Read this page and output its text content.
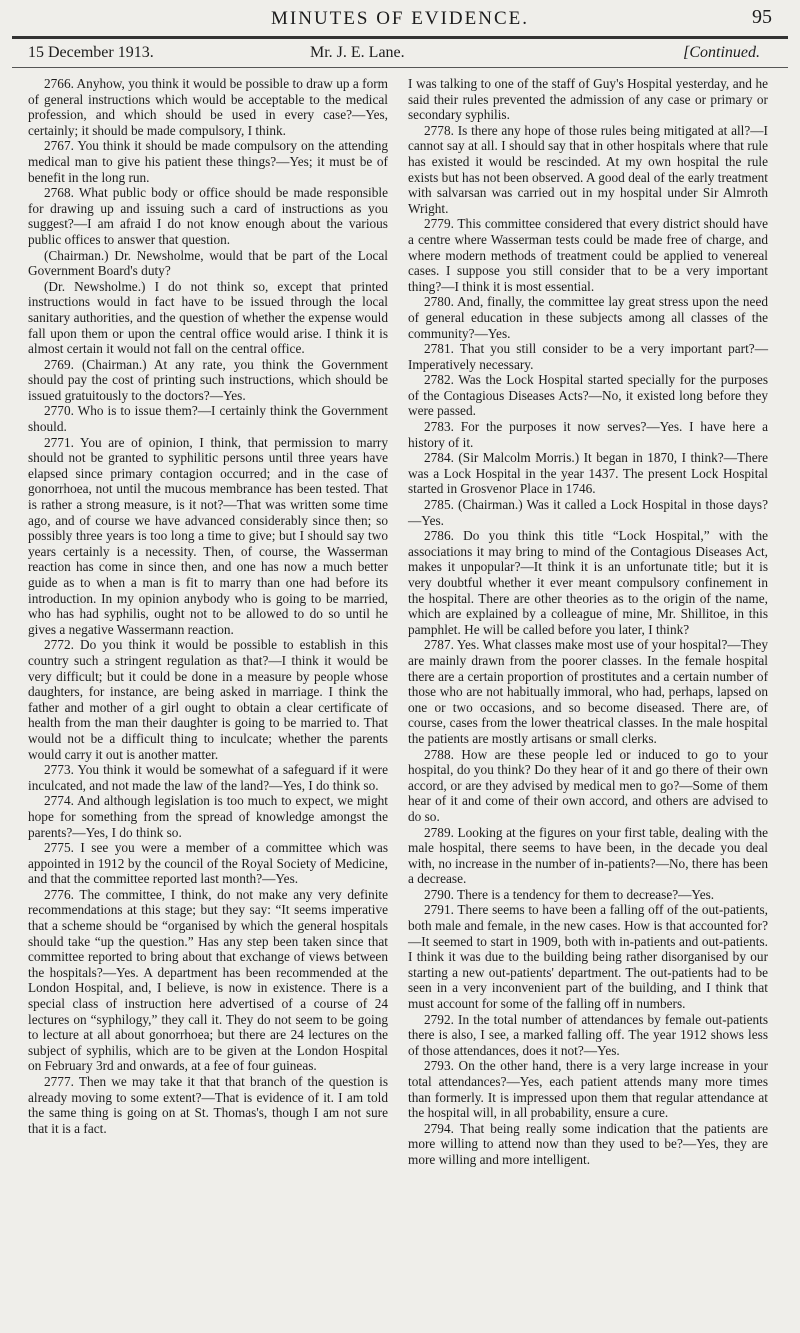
MINUTES OF EVIDENCE.	95
15 December 1913.	Mr. J. E. Lane.	[Continued.

2766. Anyhow, you think it would be possible to draw up a form of general instructions which would be acceptable to the medical profession, and which should be used in every case?—Yes, certainly; it should be made compulsory, I think.

2767. You think it should be made compulsory on the attending medical man to give his patient these things?—Yes; it must be of benefit in the long run.

2768. What public body or office should be made responsible for drawing up and issuing such a card of instructions as you suggest?—I am afraid I do not know enough about the various public offices to answer that question.

(Chairman.) Dr. Newsholme, would that be part of the Local Government Board's duty?

(Dr. Newsholme.) I do not think so, except that printed instructions would in fact have to be issued through the local sanitary authorities, and the question of whether the expense would fall upon them or upon the central office would arise. I think it is almost certain it would not fall on the central office.

2769. (Chairman.) At any rate, you think the Government should pay the cost of printing such instructions, which should be issued gratuitously to the doctors?—Yes.

2770. Who is to issue them?—I certainly think the Government should.

2771. You are of opinion, I think, that permission to marry should not be granted to syphilitic persons until three years have elapsed since primary contagion occurred; and in the case of gonorrhoea, not until the mucous membrance has been tested. That is rather a strong measure, is it not?—That was written some time ago, and of course we have advanced considerably since then; so possibly three years is too long a time to give; but I should say two years certainly is a necessity. Then, of course, the Wasserman reaction has come in since then, and one has now a much better guide as to when a man is fit to marry than one had before its introduction. In my opinion anybody who is going to be married, who has had syphilis, ought not to be allowed to do so until he gives a negative Wassermann reaction.

2772. Do you think it would be possible to establish in this country such a stringent regulation as that?—I think it would be very difficult; but it could be done in a measure by people whose daughters, for instance, are being asked in marriage. I think the father and mother of a girl ought to obtain a clear certificate of health from the man their daughter is going to be married to. That would not be a difficult thing to inculcate; whether the parents would carry it out is another matter.

2773. You think it would be somewhat of a safeguard if it were inculcated, and not made the law of the land?—Yes, I do think so.

2774. And although legislation is too much to expect, we might hope for something from the spread of knowledge amongst the parents?—Yes, I do think so.

2775. I see you were a member of a committee which was appointed in 1912 by the council of the Royal Society of Medicine, and that the committee reported last month?—Yes.

2776. The committee, I think, do not make any very definite recommendations at this stage; but they say: “It seems imperative that a scheme should be “organised by which the general hospitals should take “up the question.” Has any step been taken since that committee reported to bring about that exchange of views between the hospitals?—Yes. A department has been recommended at the London Hospital, and, I believe, is now in existence. There is a special class of instruction here advertised of a course of 24 lectures on “syphilogy,” they call it. They do not seem to be going to lecture at all about gonorrhoea; but there are 24 lectures on the subject of syphilis, which are to be given at the London Hospital on February 3rd and onwards, at a fee of four guineas.

2777. Then we may take it that that branch of the question is already moving to some extent?—That is evidence of it. I am told the same thing is going on at St. Thomas's, though I am not sure that it is a fact.

I was talking to one of the staff of Guy's Hospital yesterday, and he said their rules prevented the admission of any case or primary or secondary syphilis.

2778. Is there any hope of those rules being mitigated at all?—I cannot say at all. I should say that in other hospitals where that rule has existed it would be rescinded. At my own hospital the rule exists but has not been observed. A good deal of the early treatment with salvarsan was carried out in my hospital under Sir Almroth Wright.

2779. This committee considered that every district should have a centre where Wasserman tests could be made free of charge, and where modern methods of treatment could be applied to venereal cases. I suppose you still consider that to be a very important thing?—I think it is most essential.

2780. And, finally, the committee lay great stress upon the need of general education in these subjects among all classes of the community?—Yes.

2781. That you still consider to be a very important part?—Imperatively necessary.

2782. Was the Lock Hospital started specially for the purposes of the Contagious Diseases Acts?—No, it existed long before they were passed.

2783. For the purposes it now serves?—Yes. I have here a history of it.

2784. (Sir Malcolm Morris.) It began in 1870, I think?—There was a Lock Hospital in the year 1437. The present Lock Hospital started in Grosvenor Place in 1746.

2785. (Chairman.) Was it called a Lock Hospital in those days?—Yes.

2786. Do you think this title “Lock Hospital,” with the associations it may bring to mind of the Contagious Diseases Act, makes it unpopular?—It think it is an unfortunate title; but it is very doubtful whether it ever meant compulsory confinement in the hospital. There are other theories as to the origin of the name, which are explained by a colleague of mine, Mr. Shillitoe, in this pamphlet. He will be called before you later, I think?

2787. Yes. What classes make most use of your hospital?—They are mainly drawn from the poorer classes. In the female hospital there are a certain proportion of prostitutes and a certain number of those who are not habitually immoral, who had, perhaps, lapsed on one or two occasions, and so become diseased. There are, of course, cases from the lower theatrical classes. In the male hospital the patients are mostly artisans or small clerks.

2788. How are these people led or induced to go to your hospital, do you think? Do they hear of it and go there of their own accord, or are they advised by medical men to go?—Some of them hear of it and come of their own accord, and others are advised to do so.

2789. Looking at the figures on your first table, dealing with the male hospital, there seems to have been, in the decade you deal with, no increase in the number of in-patients?—No, there has been a decrease.

2790. There is a tendency for them to decrease?—Yes.

2791. There seems to have been a falling off of the out-patients, both male and female, in the new cases. How is that accounted for?—It seemed to start in 1909, both with in-patients and out-patients. I think it was due to the building being rather disorganised by our starting a new out-patients' department. The out-patients had to be seen in a very inconvenient part of the building, and I think that must account for some of the falling off in numbers.

2792. In the total number of attendances by female out-patients there is also, I see, a marked falling off. The year 1912 shows less of those attendances, does it not?—Yes.

2793. On the other hand, there is a very large increase in your total attendances?—Yes, each patient attends many more times than formerly. It is impressed upon them that regular attendance at the hospital will, in all probability, ensure a cure.

2794. That being really some indication that the patients are more willing to attend now than they used to be?—Yes, they are more willing and more intelligent.
